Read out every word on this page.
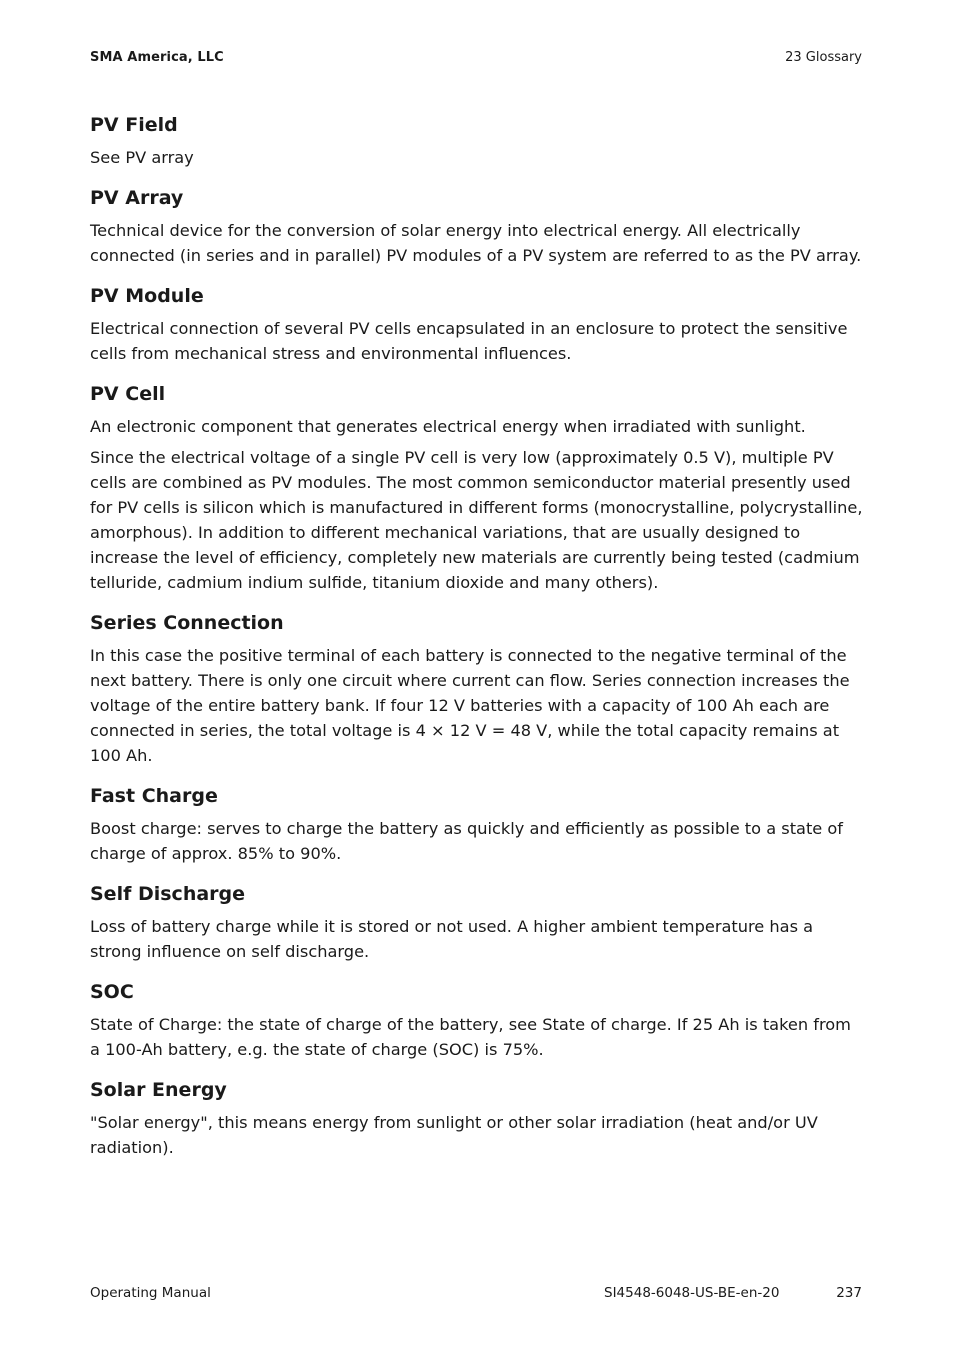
SMA America, LLC	23 Glossary
PV Field
See PV array
PV Array
Technical device for the conversion of solar energy into electrical energy. All electrically connected (in series and in parallel) PV modules of a PV system are referred to as the PV array.
PV Module
Electrical connection of several PV cells encapsulated in an enclosure to protect the sensitive cells from mechanical stress and environmental influences.
PV Cell
An electronic component that generates electrical energy when irradiated with sunlight.
Since the electrical voltage of a single PV cell is very low (approximately 0.5 V), multiple PV cells are combined as PV modules. The most common semiconductor material presently used for PV cells is silicon which is manufactured in different forms (monocrystalline, polycrystalline, amorphous). In addition to different mechanical variations, that are usually designed to increase the level of efficiency, completely new materials are currently being tested (cadmium telluride, cadmium indium sulfide, titanium dioxide and many others).
Series Connection
In this case the positive terminal of each battery is connected to the negative terminal of the next battery. There is only one circuit where current can flow. Series connection increases the voltage of the entire battery bank. If four 12 V batteries with a capacity of 100 Ah each are connected in series, the total voltage is 4 × 12 V = 48 V, while the total capacity remains at 100 Ah.
Fast Charge
Boost charge: serves to charge the battery as quickly and efficiently as possible to a state of charge of approx. 85% to 90%.
Self Discharge
Loss of battery charge while it is stored or not used. A higher ambient temperature has a strong influence on self discharge.
SOC
State of Charge: the state of charge of the battery, see State of charge. If 25 Ah is taken from a 100-Ah battery, e.g. the state of charge (SOC) is 75%.
Solar Energy
"Solar energy", this means energy from sunlight or other solar irradiation (heat and/or UV radiation).
Operating Manual	SI4548-6048-US-BE-en-20	237
